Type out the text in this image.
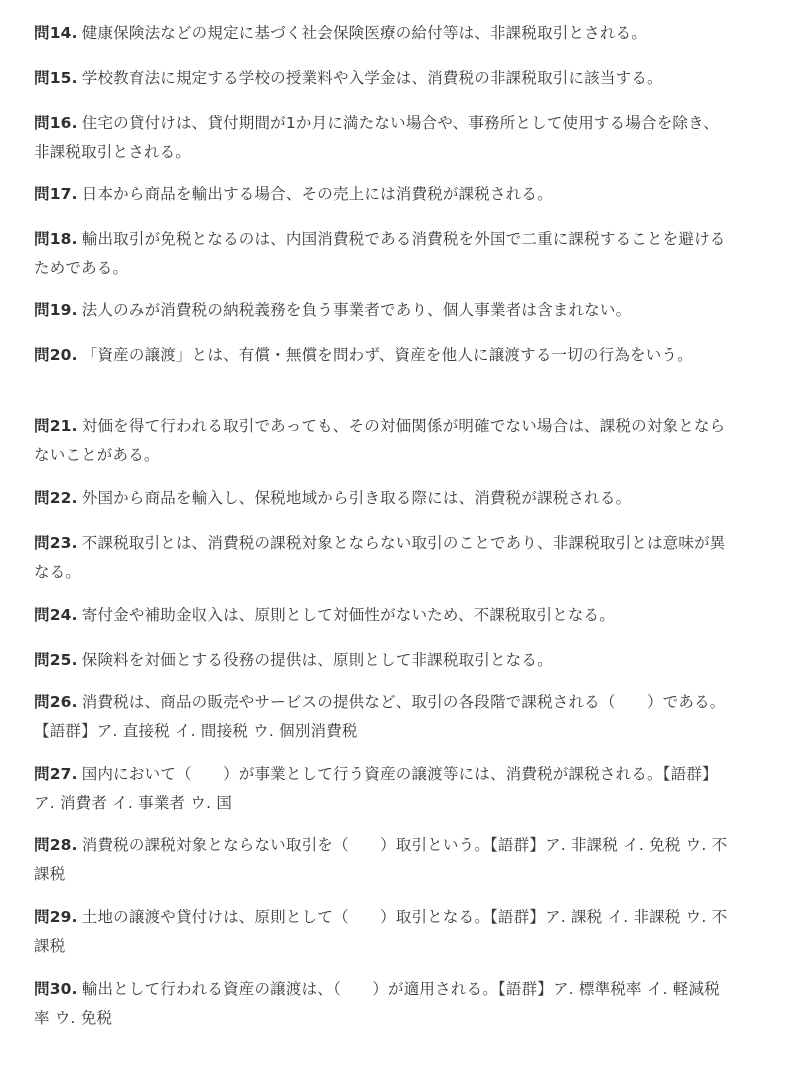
問14. 健康保険法などの規定に基づく社会保険医療の給付等は、非課税取引とされる。

問15. 学校教育法に規定する学校の授業料や入学金は、消費税の非課税取引に該当する。

問16. 住宅の貸付けは、貸付期間が1か月に満たない場合や、事務所として使用する場合を除き、非課税取引とされる。

問17. 日本から商品を輸出する場合、その売上には消費税が課税される。

問18. 輸出取引が免税となるのは、内国消費税である消費税を外国で二重に課税することを避けるためである。

問19. 法人のみが消費税の納税義務を負う事業者であり、個人事業者は含まれない。

問20. 「資産の譲渡」とは、有償・無償を問わず、資産を他人に譲渡する一切の行為をいう。

問21. 対価を得て行われる取引であっても、その対価関係が明確でない場合は、課税の対象とならないことがある。

問22. 外国から商品を輸入し、保税地域から引き取る際には、消費税が課税される。

問23. 不課税取引とは、消費税の課税対象とならない取引のことであり、非課税取引とは意味が異なる。

問24. 寄付金や補助金収入は、原則として対価性がないため、不課税取引となる。

問25. 保険料を対価とする役務の提供は、原則として非課税取引となる。

問26. 消費税は、商品の販売やサービスの提供など、取引の各段階で課税される（　　）である。【語群】ア. 直接税 イ. 間接税 ウ. 個別消費税

問27. 国内において（　　）が事業として行う資産の譲渡等には、消費税が課税される。【語群】ア. 消費者 イ. 事業者 ウ. 国

問28. 消費税の課税対象とならない取引を（　　）取引という。【語群】ア. 非課税 イ. 免税 ウ. 不課税

問29. 土地の譲渡や貸付けは、原則として（　　）取引となる。【語群】ア. 課税 イ. 非課税 ウ. 不課税

問30. 輸出として行われる資産の譲渡は、（　　）が適用される。【語群】ア. 標準税率 イ. 軽減税率 ウ. 免税
